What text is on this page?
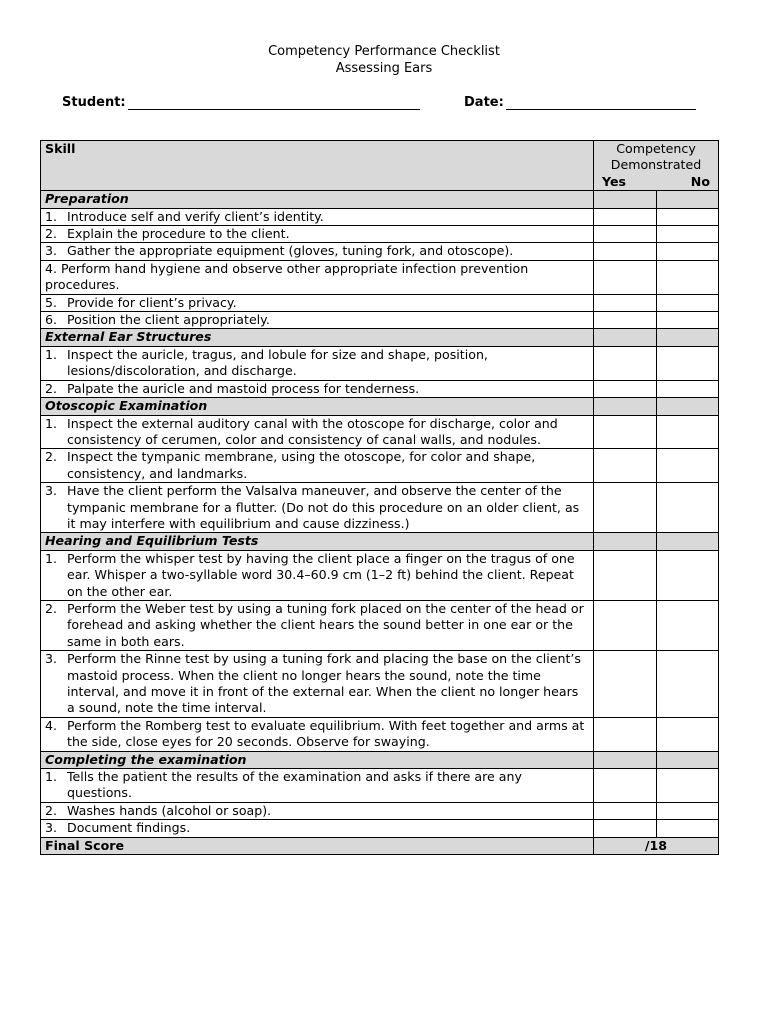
Competency Performance Checklist
Assessing Ears
Student:	Date:
Skill	Competency Demonstrated
Yes No	

Preparation		

1. Introduce self and verify client’s identity.		

2. Explain the procedure to the client.		

3. Gather the appropriate equipment (gloves, tuning fork, and otoscope).		

4. Perform hand hygiene and observe other appropriate infection prevention procedures.		

5. Provide for client’s privacy.		

6. Position the client appropriately.		

External Ear Structures		

1. Inspect the auricle, tragus, and lobule for size and shape, position, lesions/discoloration, and discharge.		

2. Palpate the auricle and mastoid process for tenderness.		

Otoscopic Examination		

1. Inspect the external auditory canal with the otoscope for discharge, color and consistency of cerumen, color and consistency of canal walls, and nodules.		

2. Inspect the tympanic membrane, using the otoscope, for color and shape, consistency, and landmarks.		

3. Have the client perform the Valsalva maneuver, and observe the center of the tympanic membrane for a flutter. (Do not do this procedure on an older client, as it may interfere with equilibrium and cause dizziness.)		

Hearing and Equilibrium Tests		

1. Perform the whisper test by having the client place a finger on the tragus of one ear. Whisper a two-syllable word 30.4–60.9 cm (1–2 ft) behind the client. Repeat on the other ear.		

2. Perform the Weber test by using a tuning fork placed on the center of the head or forehead and asking whether the client hears the sound better in one ear or the same in both ears.		

3. Perform the Rinne test by using a tuning fork and placing the base on the client’s mastoid process. When the client no longer hears the sound, note the time interval, and move it in front of the external ear. When the client no longer hears a sound, note the time interval.		

4. Perform the Romberg test to evaluate equilibrium. With feet together and arms at the side, close eyes for 20 seconds. Observe for swaying.		

Completing the examination		

1. Tells the patient the results of the examination and asks if there are any questions.		

2. Washes hands (alcohol or soap).		

3. Document findings.		

Final Score	/18	
